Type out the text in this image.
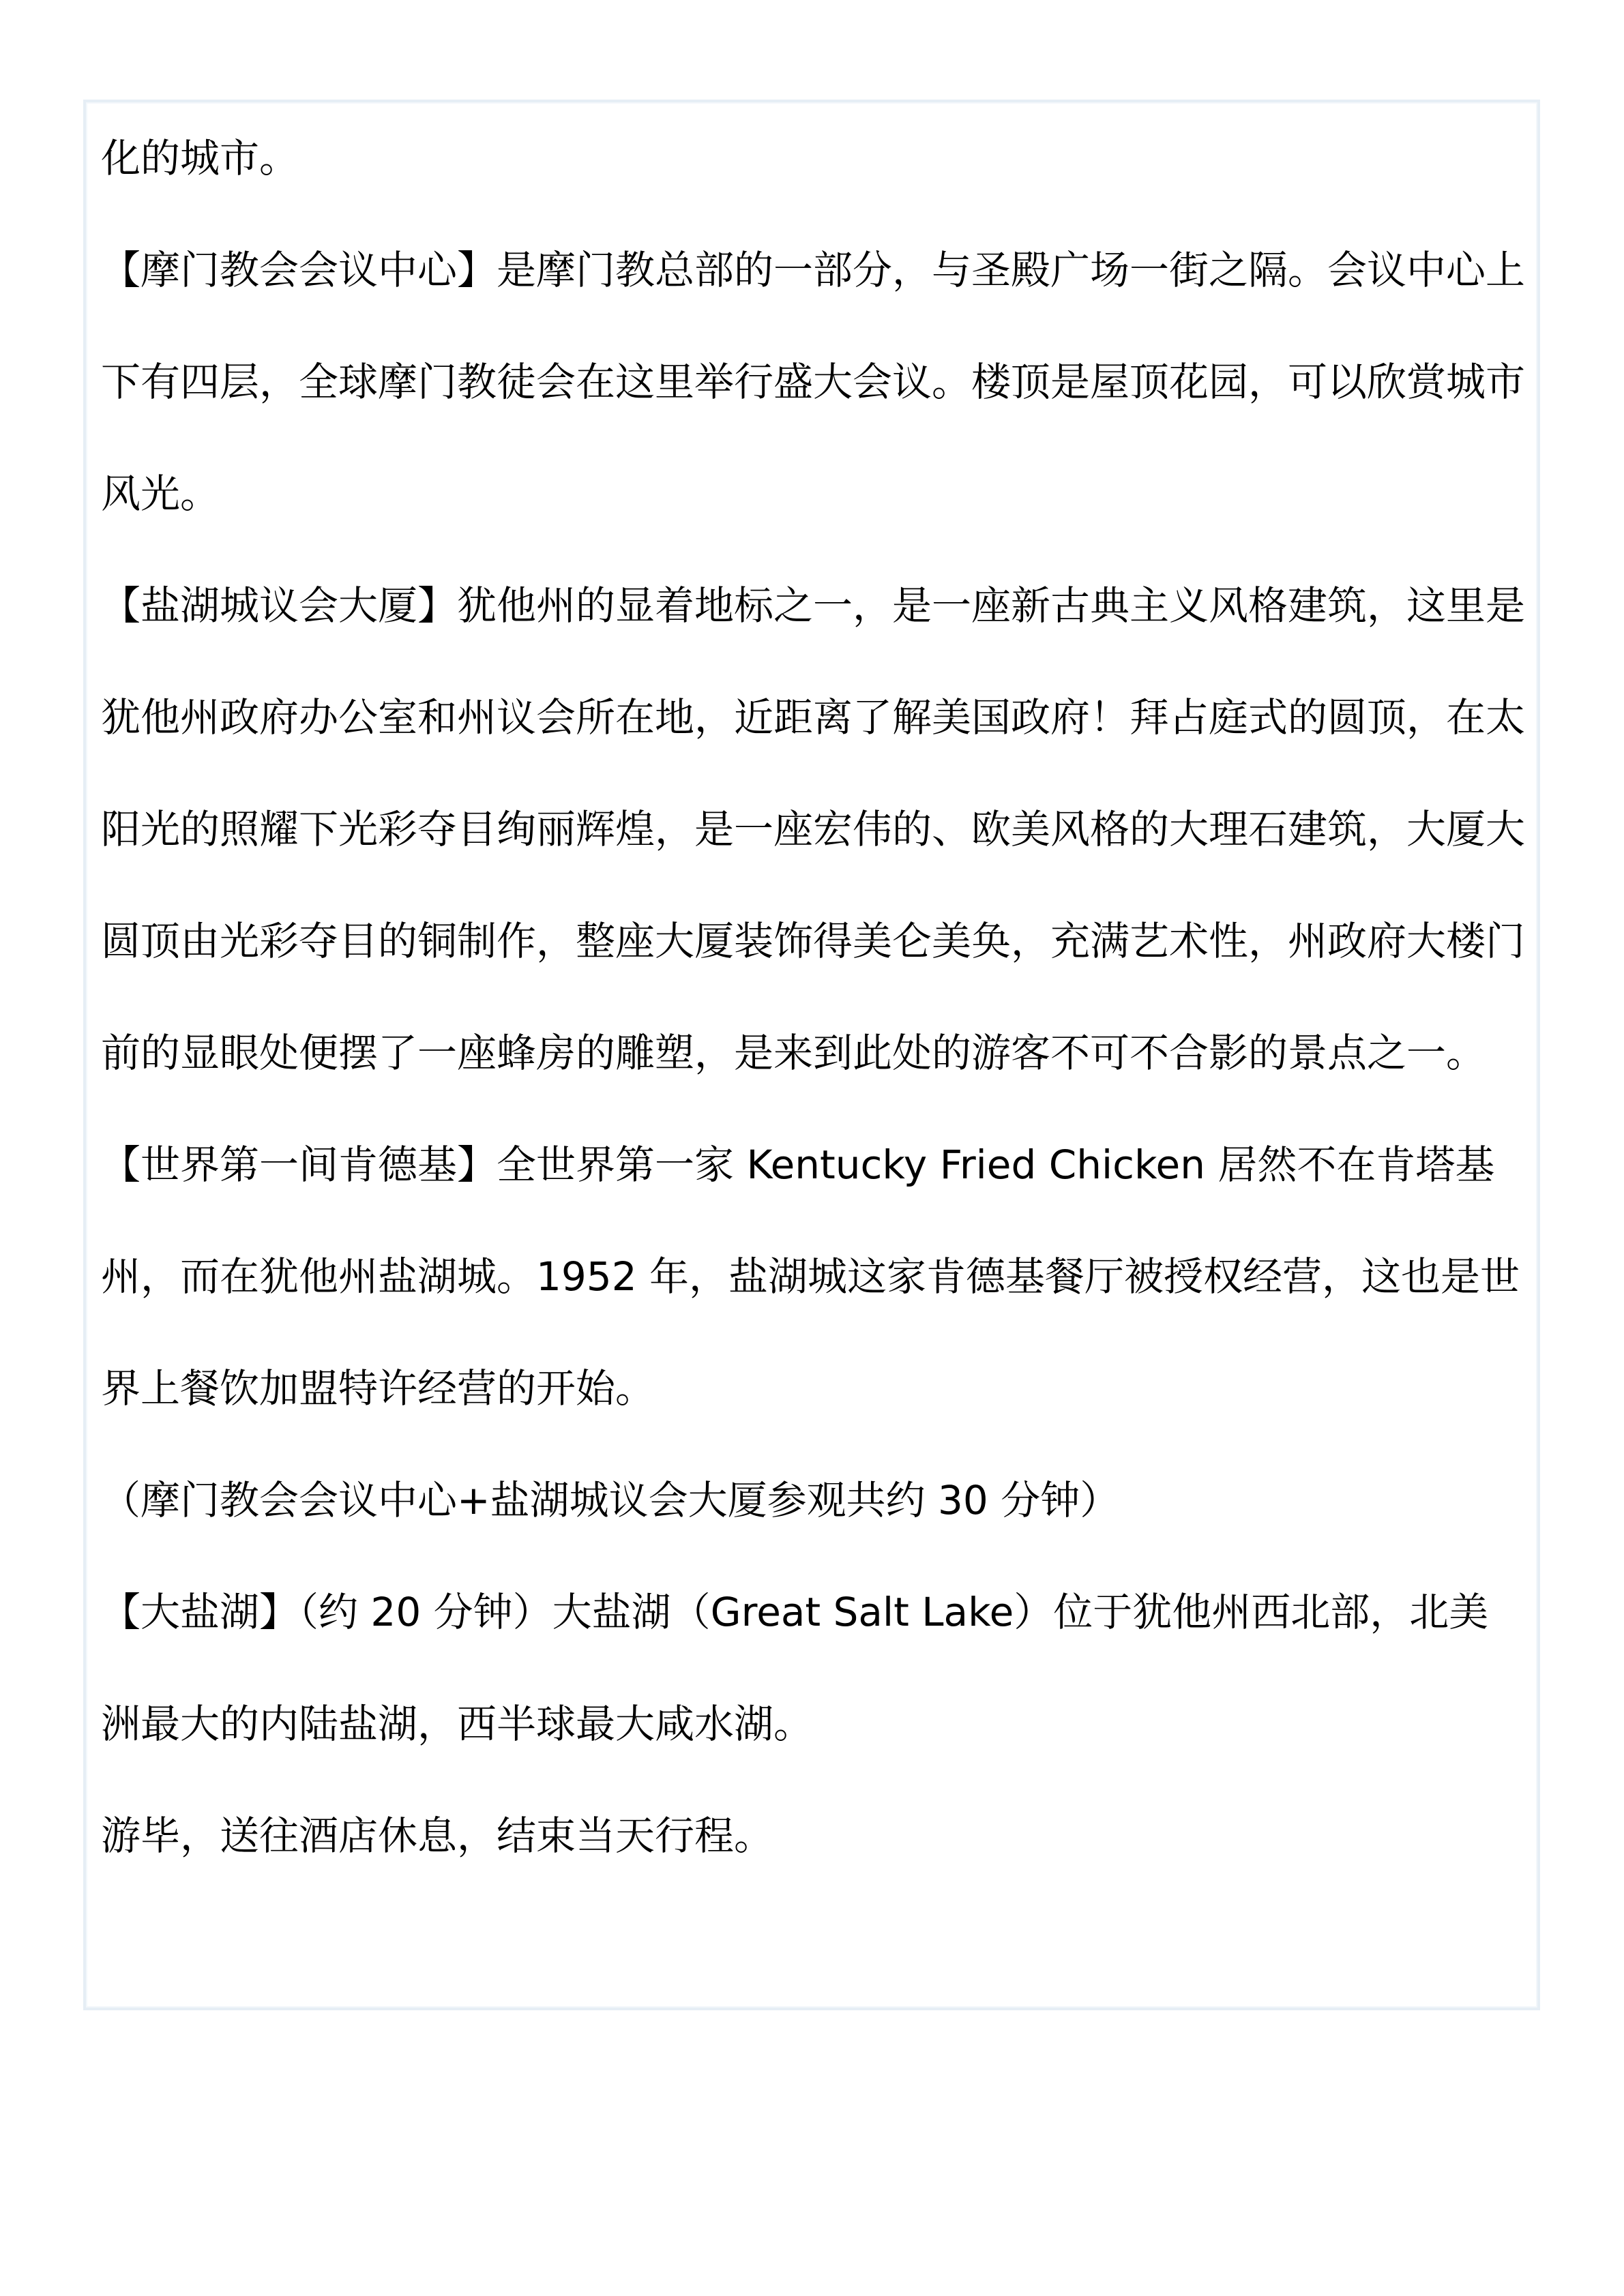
化的城市。

【摩门教会会议中心】是摩门教总部的一部分，与圣殿广场一街之隔。会议中心上下有四层，全球摩门教徒会在这里举行盛大会议。楼顶是屋顶花园，可以欣赏城市风光。

【盐湖城议会大厦】犹他州的显着地标之一，是一座新古典主义风格建筑，这里是犹他州政府办公室和州议会所在地，近距离了解美国政府！拜占庭式的圆顶，在太阳光的照耀下光彩夺目绚丽辉煌，是一座宏伟的、欧美风格的大理石建筑，大厦大圆顶由光彩夺目的铜制作，整座大厦装饰得美仑美奂，充满艺术性，州政府大楼门前的显眼处便摆了一座蜂房的雕塑，是来到此处的游客不可不合影的景点之一。

【世界第一间肯德基】全世界第一家 Kentucky Fried Chicken 居然不在肯塔基州，而在犹他州盐湖城。1952 年，盐湖城这家肯德基餐厅被授权经营，这也是世界上餐饮加盟特许经营的开始。

（摩门教会会议中心+盐湖城议会大厦参观共约 30 分钟）

【大盐湖】（约 20 分钟）大盐湖（Great Salt Lake）位于犹他州西北部，北美洲最大的内陆盐湖，西半球最大咸水湖。

游毕，送往酒店休息，结束当天行程。
